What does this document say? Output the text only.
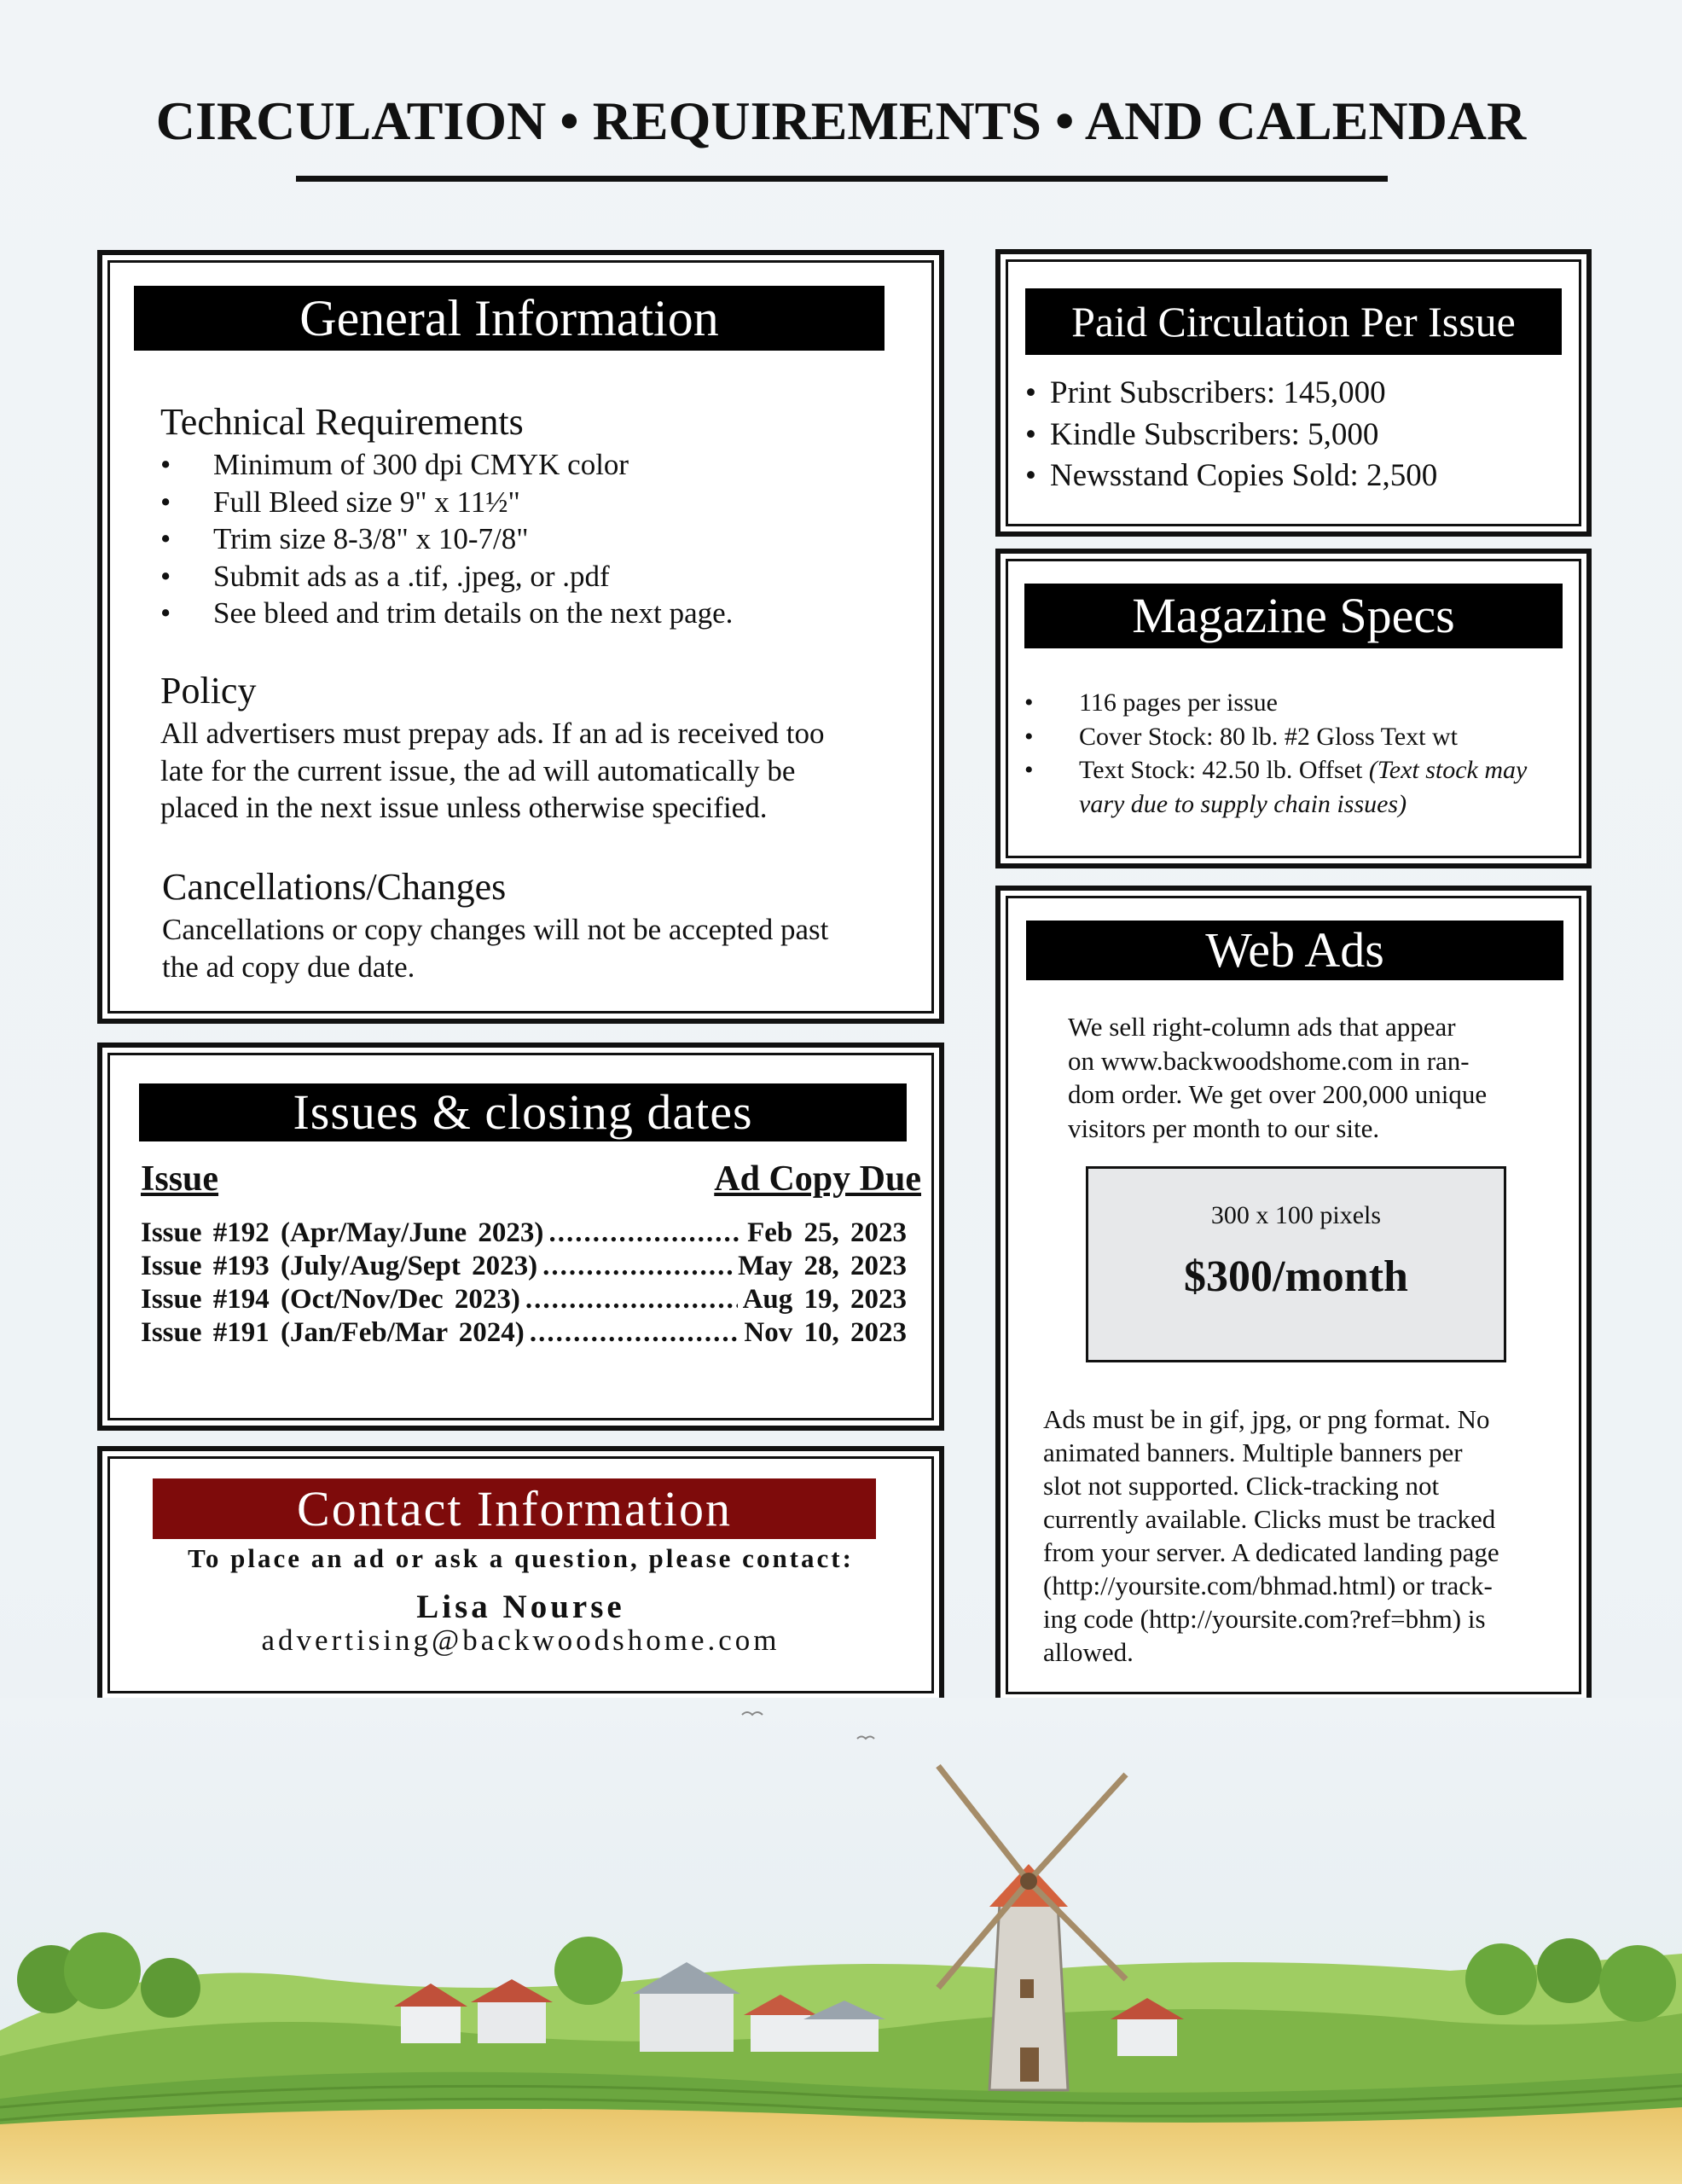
CIRCULATION • REQUIREMENTS • AND CALENDAR
General Information
Technical Requirements
• Minimum of 300 dpi CMYK color
• Full Bleed size 9" x 11½"
• Trim size 8-3/8" x 10-7/8"
• Submit ads as a .tif, .jpeg, or .pdf
• See bleed and trim details on the next page.
Policy
All advertisers must prepay ads. If an ad is received too
late for the current issue, the ad will automatically be
placed in the next issue unless otherwise specified.
Cancellations/Changes
Cancellations or copy changes will not be accepted past
the ad copy due date.
Issues & closing dates
Issue	Ad Copy Due
Issue #192 (Apr/May/June 2023) .....	Feb 25, 2023
Issue #193 (July/Aug/Sept 2023) .....	May 28, 2023
Issue #194 (Oct/Nov/Dec 2023) .....	Aug 19, 2023
Issue #191 (Jan/Feb/Mar 2024) .....	Nov 10, 2023
Contact Information
To place an ad or ask a question, please contact:
Lisa Nourse
advertising@backwoodshome.com
Paid Circulation Per Issue
• Print Subscribers: 145,000
• Kindle Subscribers: 5,000
• Newsstand Copies Sold: 2,500
Magazine Specs
• 116 pages per issue
• Cover Stock: 80 lb. #2 Gloss Text wt
• Text Stock: 42.50 lb. Offset (Text stock may
vary due to supply chain issues)
Web Ads
We sell right-column ads that appear
on www.backwoodshome.com in ran-
dom order. We get over 200,000 unique
visitors per month to our site.
300 x 100 pixels
$300/month
Ads must be in gif, jpg, or png format. No
animated banners. Multiple banners per
slot not supported. Click-tracking not
currently available. Clicks must be tracked
from your server. A dedicated landing page
(http://yoursite.com/bhmad.html) or track-
ing code (http://yoursite.com?ref=bhm) is
allowed.
